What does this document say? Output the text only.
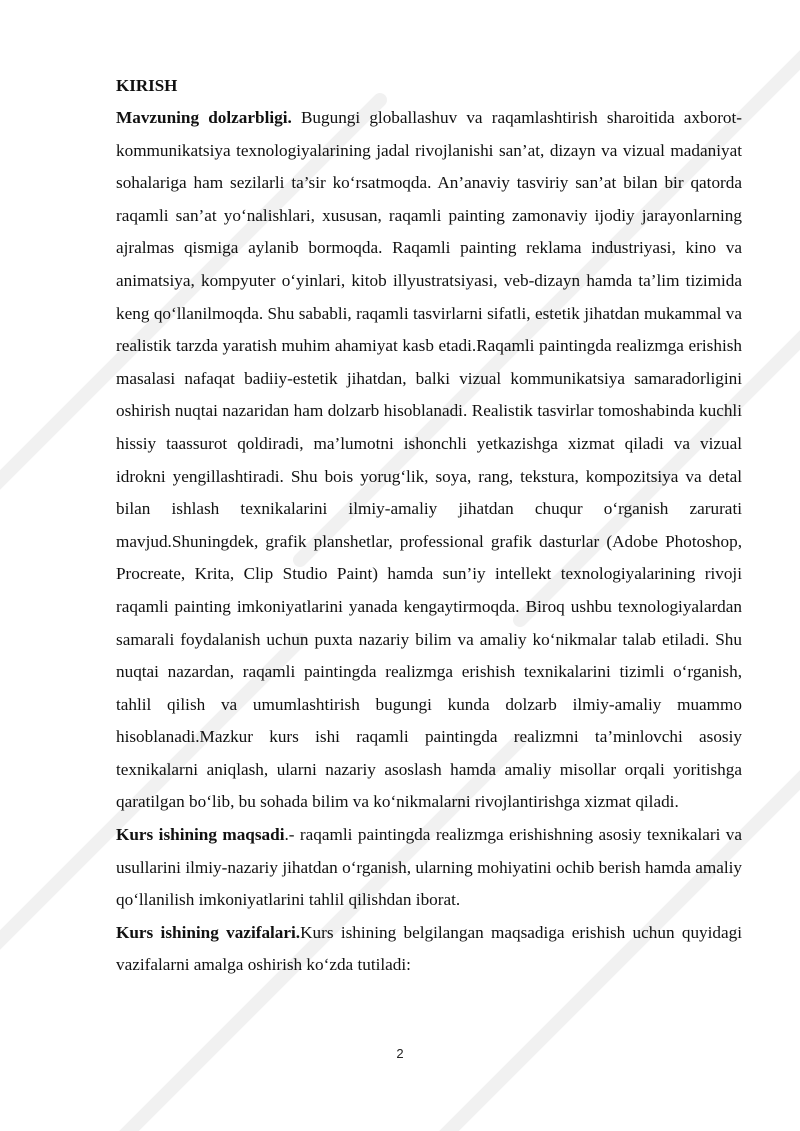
KIRISH

Mavzuning dolzarbligi. Bugungi globallashuv va raqamlashtirish sharoitida axborot-kommunikatsiya texnologiyalarining jadal rivojlanishi san’at, dizayn va vizual madaniyat sohalariga ham sezilarli ta’sir ko‘rsatmoqda. An’anaviy tasviriy san’at bilan bir qatorda raqamli san’at yo‘nalishlari, xususan, raqamli painting zamonaviy ijodiy jarayonlarning ajralmas qismiga aylanib bormoqda. Raqamli painting reklama industriyasi, kino va animatsiya, kompyuter o‘yinlari, kitob illyustratsiyasi, veb-dizayn hamda ta’lim tizimida keng qo‘llanilmoqda. Shu sababli, raqamli tasvirlarni sifatli, estetik jihatdan mukammal va realistik tarzda yaratish muhim ahamiyat kasb etadi.Raqamli paintingda realizmga erishish masalasi nafaqat badiiy-estetik jihatdan, balki vizual kommunikatsiya samaradorligini oshirish nuqtai nazaridan ham dolzarb hisoblanadi. Realistik tasvirlar tomoshabinda kuchli hissiy taassurot qoldiradi, ma’lumotni ishonchli yetkazishga xizmat qiladi va vizual idrokni yengillashtiradi. Shu bois yorug‘lik, soya, rang, tekstura, kompozitsiya va detal bilan ishlash texnikalarini ilmiy-amaliy jihatdan chuqur o‘rganish zarurati mavjud.Shuningdek, grafik planshetlar, professional grafik dasturlar (Adobe Photoshop, Procreate, Krita, Clip Studio Paint) hamda sun’iy intellekt texnologiyalarining rivoji raqamli painting imkoniyatlarini yanada kengaytirmoqda. Biroq ushbu texnologiyalardan samarali foydalanish uchun puxta nazariy bilim va amaliy ko‘nikmalar talab etiladi. Shu nuqtai nazardan, raqamli paintingda realizmga erishish texnikalarini tizimli o‘rganish, tahlil qilish va umumlashtirish bugungi kunda dolzarb ilmiy-amaliy muammo hisoblanadi.Mazkur kurs ishi raqamli paintingda realizmni ta’minlovchi asosiy texnikalarni aniqlash, ularni nazariy asoslash hamda amaliy misollar orqali yoritishga qaratilgan bo‘lib, bu sohada bilim va ko‘nikmalarni rivojlantirishga xizmat qiladi.

Kurs ishining maqsadi.- raqamli paintingda realizmga erishishning asosiy texnikalari va usullarini ilmiy-nazariy jihatdan o‘rganish, ularning mohiyatini ochib berish hamda amaliy qo‘llanilish imkoniyatlarini tahlil qilishdan iborat.

Kurs ishining vazifalari.Kurs ishining belgilangan maqsadiga erishish uchun quyidagi vazifalarni amalga oshirish ko‘zda tutiladi:

2
